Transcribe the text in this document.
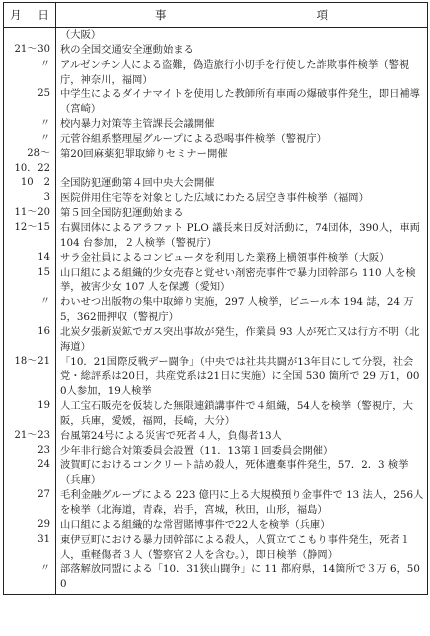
月 日	事 項
	（大阪）
21～30	秋の全国交通安全運動始まる
〃	アルゼンチン人による盗難，偽造旅行小切手を行使した詐欺事件検挙（警視庁，神奈川，福岡）
25	中学生によるダイナマイトを使用した教師所有車両の爆破事件発生，即日補導（宮崎）
〃	校内暴力対策等主管課長会議開催
〃	元菅谷組系整理屋グループによる恐喝事件検挙（警視庁）
28～
10．22	第20回麻薬犯罪取締りセミナー開催
10　2	全国防犯運動第４回中央大会開催
3	医院併用住宅等を対象とした広域にわたる居空き事件検挙（福岡）
11～20	第５回全国防犯運動始まる
12～15	右翼団体によるアラファト PLO 議長来日反対活動に，74団体，390人，車両 104 台参加，２人検挙（警視庁）
14	サラ金社員によるコンピュータを利用した業務上横領事件検挙（大阪）
15	山口組による組織的少女売春と覚せい剤密売事件で暴力団幹部ら 110 人を検挙，被害少女 107 人を保護（愛知）
〃	わいせつ出版物の集中取締り実施，297 人検挙，ビニール本 194 誌，24 万5，362冊押収（警視庁）
16	北炭夕張新炭鉱でガス突出事故が発生，作業員 93 人が死亡又は行方不明（北海道）
18～21	「10．21国際反戦デー闘争」（中央では社共共闘が13年目にして分裂，社会党・総評系は20日，共産党系は21日に実施）に全国 530 箇所で 29 万1，000人参加，19人検挙
19	人工宝石販売を仮装した無限連鎖講事件で４組織，54人を検挙（警視庁，大阪，兵庫，愛媛，福岡，長崎，大分）
21～23	台風第24号による災害で死者４人，負傷者13人
23	少年非行総合対策委員会設置（11．13第１回委員会開催）
24	波賀町におけるコンクリート詰め殺人，死体遺棄事件発生，57．2．3 検挙（兵庫）
27	毛利金融グループによる 223 億円に上る大規模預り金事件で 13 法人，256人を検挙（北海道，青森，岩手，宮城，秋田，山形，福島）
29	山口組による組織的な常習賭博事件で22人を検挙（兵庫）
31	東伊豆町における暴力団幹部による殺人，人質立てこもり事件発生，死者１人，重軽傷者３人（警察官２人を含む。），即日検挙（静岡）
〃	部落解放同盟による「10．31狭山闘争」に 11 都府県，14箇所で３万 6，500
